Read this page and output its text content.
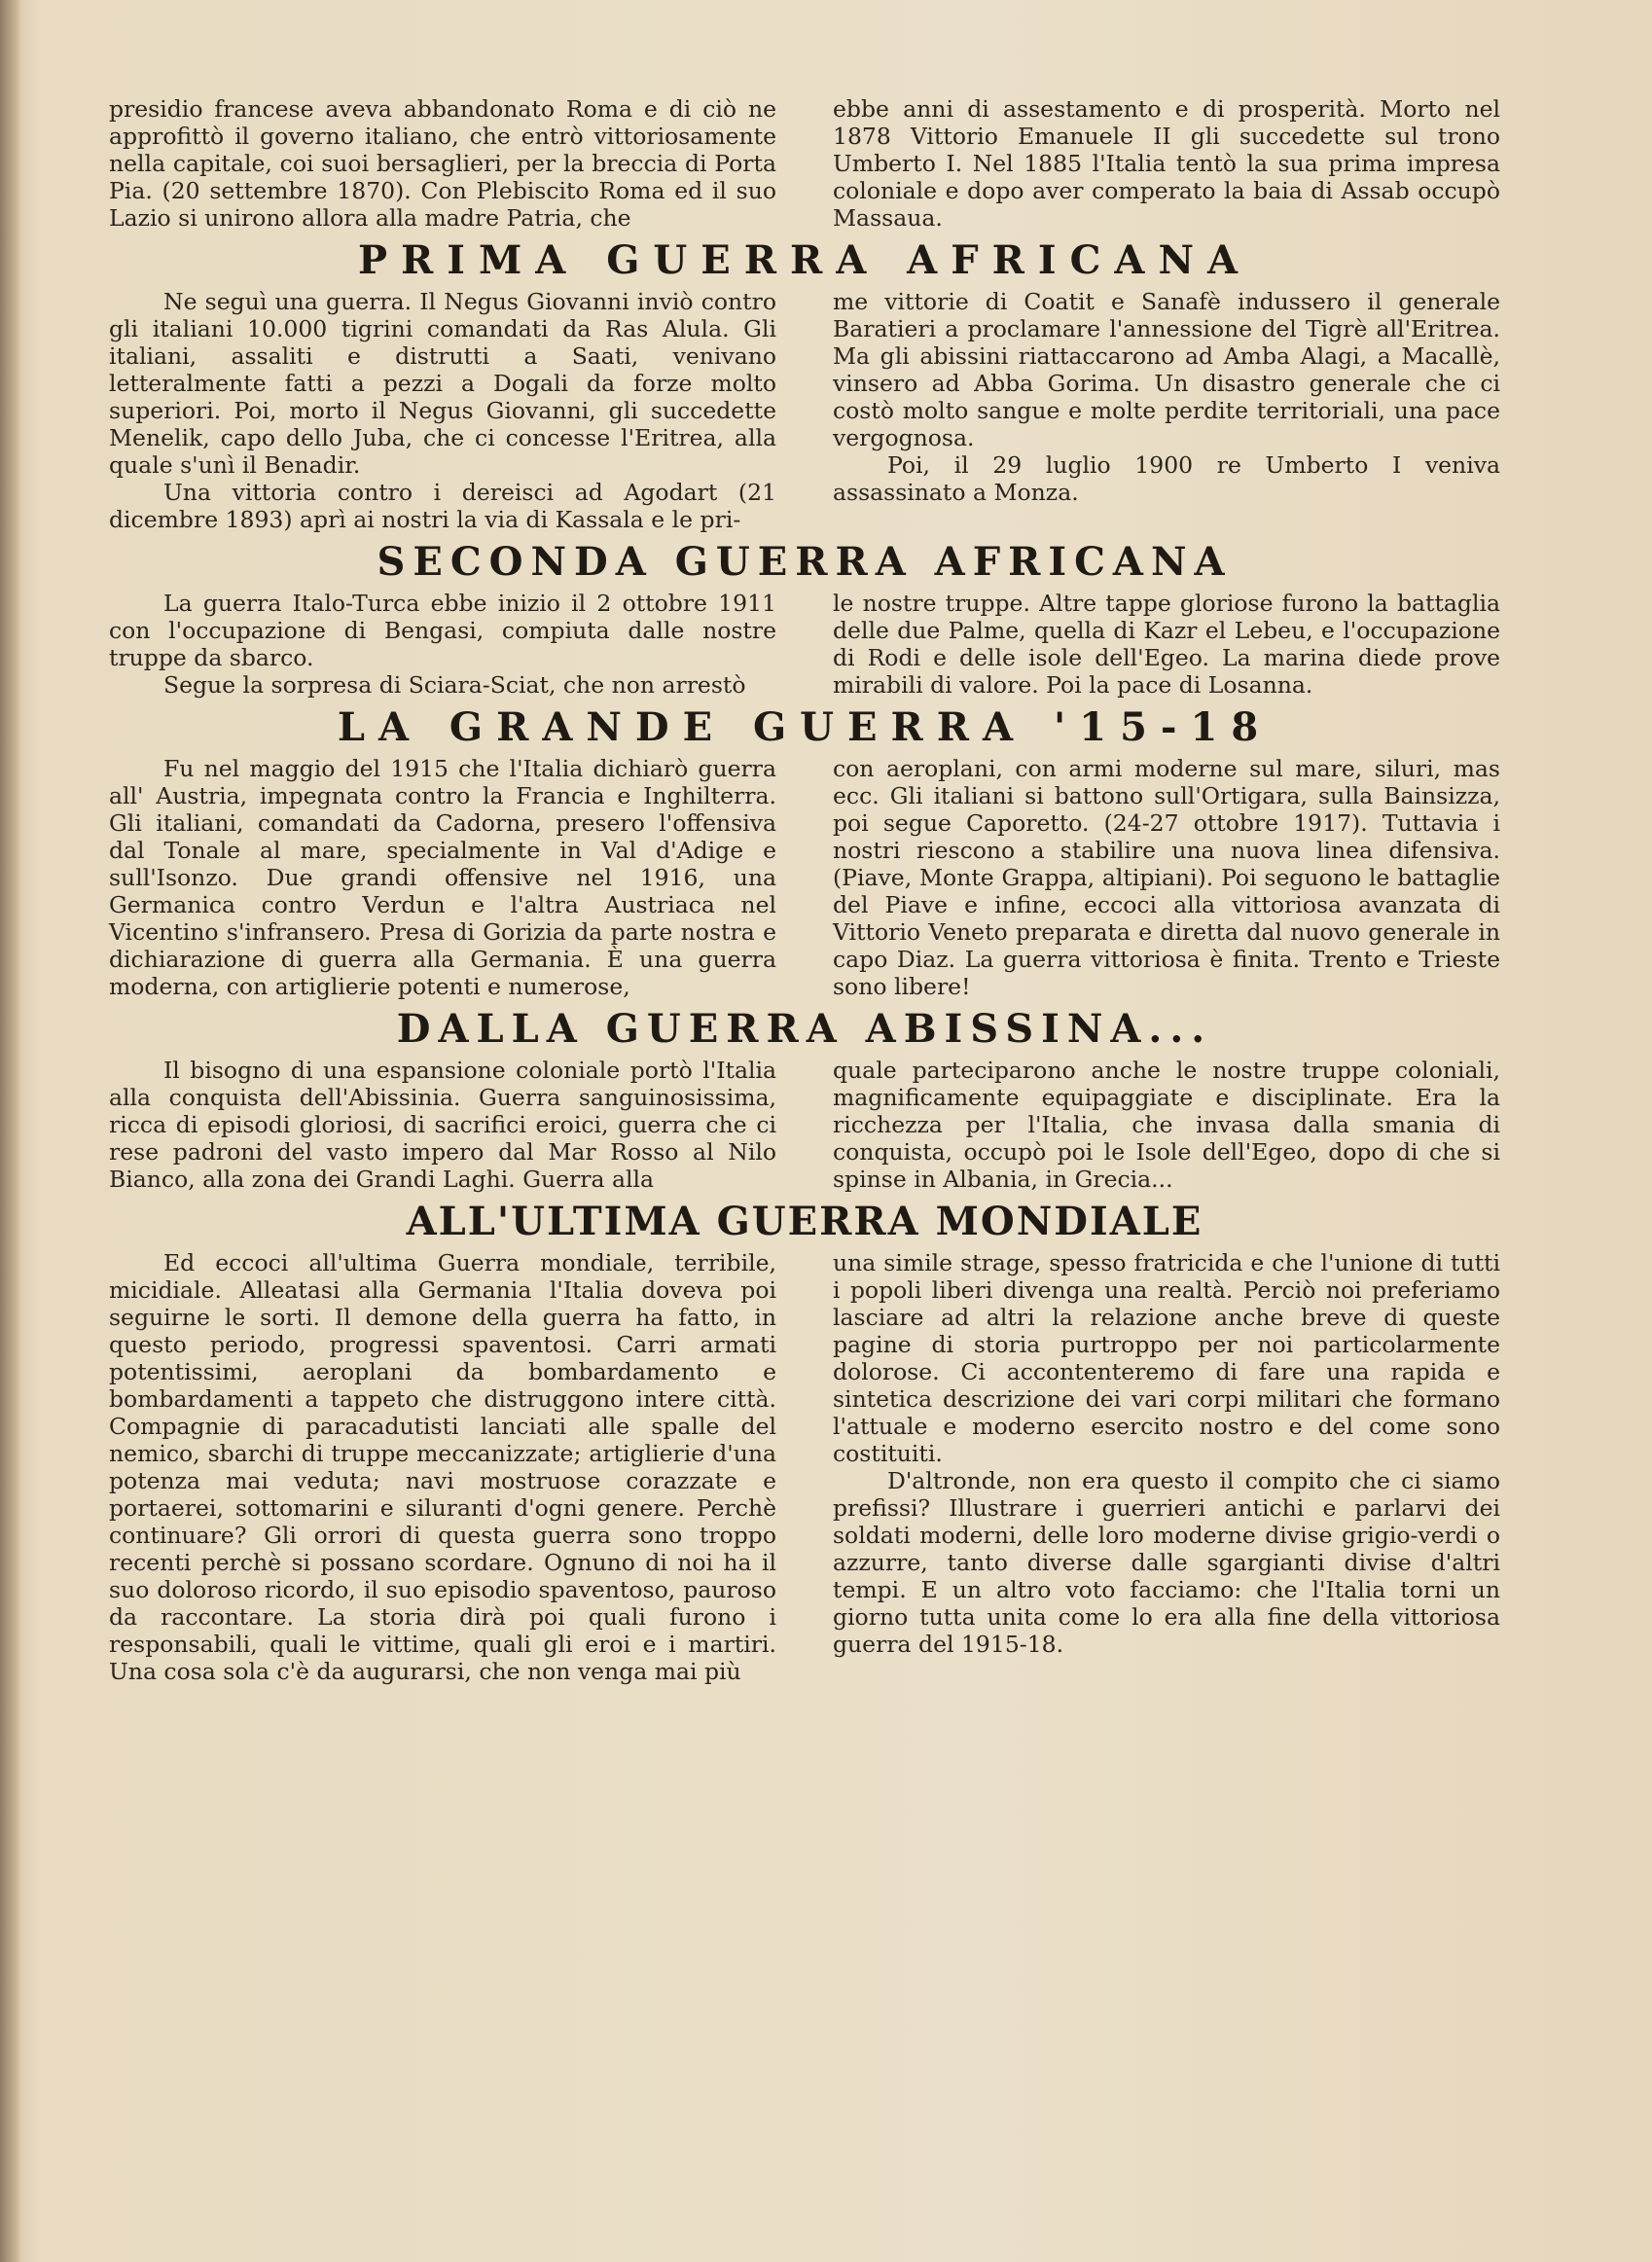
presidio francese aveva abbandonato Roma e di ciò ne approfittò il governo italiano, che entrò vittoriosamente nella capitale, coi suoi bersaglieri, per la breccia di Porta Pia. (20 settembre 1870). Con Plebiscito Roma ed il suo Lazio si unirono allora alla madre Patria, che

ebbe anni di assestamento e di prosperità. Morto nel 1878 Vittorio Emanuele II gli succedette sul trono Umberto I. Nel 1885 l'Italia tentò la sua prima impresa coloniale e dopo aver comperato la baia di Assab occupò Massaua.

PRIMA GUERRA AFRICANA

Ne seguì una guerra. Il Negus Giovanni inviò contro gli italiani 10.000 tigrini comandati da Ras Alula. Gli italiani, assaliti e distrutti a Saati, venivano letteralmente fatti a pezzi a Dogali da forze molto superiori. Poi, morto il Negus Giovanni, gli succedette Menelik, capo dello Juba, che ci concesse l'Eritrea, alla quale s'unì il Benadir.

Una vittoria contro i dereisci ad Agodart (21 dicembre 1893) aprì ai nostri la via di Kassala e le pri-

me vittorie di Coatit e Sanafè indussero il generale Baratieri a proclamare l'annessione del Tigrè all'Eritrea. Ma gli abissini riattaccarono ad Amba Alagi, a Macallè, vinsero ad Abba Gorima. Un disastro generale che ci costò molto sangue e molte perdite territoriali, una pace vergognosa.

Poi, il 29 luglio 1900 re Umberto I veniva assassinato a Monza.

SECONDA GUERRA AFRICANA

La guerra Italo-Turca ebbe inizio il 2 ottobre 1911 con l'occupazione di Bengasi, compiuta dalle nostre truppe da sbarco.

Segue la sorpresa di Sciara-Sciat, che non arrestò

le nostre truppe. Altre tappe gloriose furono la battaglia delle due Palme, quella di Kazr el Lebeu, e l'occupazione di Rodi e delle isole dell'Egeo. La marina diede prove mirabili di valore. Poi la pace di Losanna.

LA GRANDE GUERRA '15-18

Fu nel maggio del 1915 che l'Italia dichiarò guerra all' Austria, impegnata contro la Francia e Inghilterra. Gli italiani, comandati da Cadorna, presero l'offensiva dal Tonale al mare, specialmente in Val d'Adige e sull'Isonzo. Due grandi offensive nel 1916, una Germanica contro Verdun e l'altra Austriaca nel Vicentino s'infransero. Presa di Gorizia da parte nostra e dichiarazione di guerra alla Germania. È una guerra moderna, con artiglierie potenti e numerose,

con aeroplani, con armi moderne sul mare, siluri, mas ecc. Gli italiani si battono sull'Ortigara, sulla Bainsizza, poi segue Caporetto. (24-27 ottobre 1917). Tuttavia i nostri riescono a stabilire una nuova linea difensiva. (Piave, Monte Grappa, altipiani). Poi seguono le battaglie del Piave e infine, eccoci alla vittoriosa avanzata di Vittorio Veneto preparata e diretta dal nuovo generale in capo Diaz. La guerra vittoriosa è finita. Trento e Trieste sono libere!

DALLA GUERRA ABISSINA...

Il bisogno di una espansione coloniale portò l'Italia alla conquista dell'Abissinia. Guerra sanguinosissima, ricca di episodi gloriosi, di sacrifici eroici, guerra che ci rese padroni del vasto impero dal Mar Rosso al Nilo Bianco, alla zona dei Grandi Laghi. Guerra alla

quale parteciparono anche le nostre truppe coloniali, magnificamente equipaggiate e disciplinate. Era la ricchezza per l'Italia, che invasa dalla smania di conquista, occupò poi le Isole dell'Egeo, dopo di che si spinse in Albania, in Grecia...

ALL'ULTIMA GUERRA MONDIALE

Ed eccoci all'ultima Guerra mondiale, terribile, micidiale. Alleatasi alla Germania l'Italia doveva poi seguirne le sorti. Il demone della guerra ha fatto, in questo periodo, progressi spaventosi. Carri armati potentissimi, aeroplani da bombardamento e bombardamenti a tappeto che distruggono intere città. Compagnie di paracadutisti lanciati alle spalle del nemico, sbarchi di truppe meccanizzate; artiglierie d'una potenza mai veduta; navi mostruose corazzate e portaerei, sottomarini e siluranti d'ogni genere. Perchè continuare? Gli orrori di questa guerra sono troppo recenti perchè si possano scordare. Ognuno di noi ha il suo doloroso ricordo, il suo episodio spaventoso, pauroso da raccontare. La storia dirà poi quali furono i responsabili, quali le vittime, quali gli eroi e i martiri. Una cosa sola c'è da augurarsi, che non venga mai più

una simile strage, spesso fratricida e che l'unione di tutti i popoli liberi divenga una realtà. Perciò noi preferiamo lasciare ad altri la relazione anche breve di queste pagine di storia purtroppo per noi particolarmente dolorose. Ci accontenteremo di fare una rapida e sintetica descrizione dei vari corpi militari che formano l'attuale e moderno esercito nostro e del come sono costituiti.

D'altronde, non era questo il compito che ci siamo prefissi? Illustrare i guerrieri antichi e parlarvi dei soldati moderni, delle loro moderne divise grigio-verdi o azzurre, tanto diverse dalle sgargianti divise d'altri tempi. E un altro voto facciamo: che l'Italia torni un giorno tutta unita come lo era alla fine della vittoriosa guerra del 1915-18.
